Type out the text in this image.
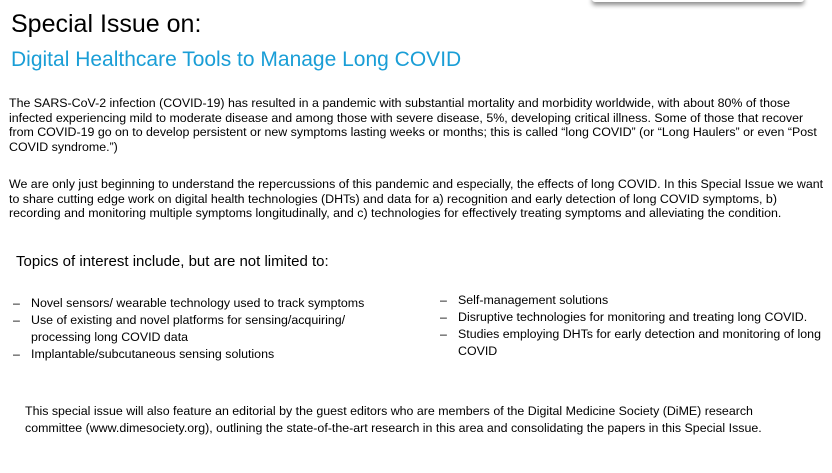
Special Issue on:
Digital Healthcare Tools to Manage Long COVID

The SARS-CoV-2 infection (COVID-19) has resulted in a pandemic with substantial mortality and morbidity worldwide, with about 80% of those infected experiencing mild to moderate disease and among those with severe disease, 5%, developing critical illness. Some of those that recover from COVID-19 go on to develop persistent or new symptoms lasting weeks or months; this is called “long COVID” (or “Long Haulers” or even “Post COVID syndrome.”)

We are only just beginning to understand the repercussions of this pandemic and especially, the effects of long COVID. In this Special Issue we want to share cutting edge work on digital health technologies (DHTs) and data for a) recognition and early detection of long COVID symptoms, b) recording and monitoring multiple symptoms longitudinally, and c) technologies for effectively treating symptoms and alleviating the condition.

Topics of interest include, but are not limited to:

– Novel sensors/ wearable technology used to track symptoms
– Use of existing and novel platforms for sensing/acquiring/ processing long COVID data
– Implantable/subcutaneous sensing solutions
– Self-management solutions
– Disruptive technologies for monitoring and treating long COVID.
– Studies employing DHTs for early detection and monitoring of long COVID

This special issue will also feature an editorial by the guest editors who are members of the Digital Medicine Society (DiME) research committee (www.dimesociety.org), outlining the state-of-the-art research in this area and consolidating the papers in this Special Issue.
